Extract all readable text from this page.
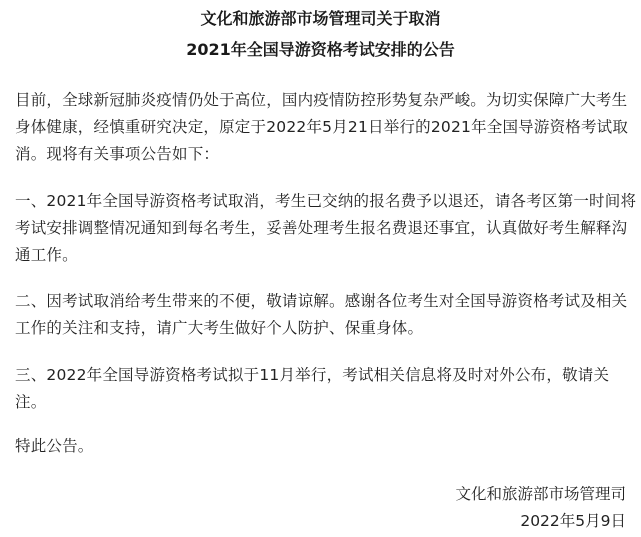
文化和旅游部市场管理司关于取消
2021年全国导游资格考试安排的公告
目前，全球新冠肺炎疫情仍处于高位，国内疫情防控形势复杂严峻。为切实保障广大考生
身体健康，经慎重研究决定，原定于2022年5月21日举行的2021年全国导游资格考试取
消。现将有关事项公告如下：
一、2021年全国导游资格考试取消，考生已交纳的报名费予以退还，请各考区第一时间将
考试安排调整情况通知到每名考生，妥善处理考生报名费退还事宜，认真做好考生解释沟
通工作。
二、因考试取消给考生带来的不便，敬请谅解。感谢各位考生对全国导游资格考试及相关
工作的关注和支持，请广大考生做好个人防护、保重身体。
三、2022年全国导游资格考试拟于11月举行，考试相关信息将及时对外公布，敬请关
注。
特此公告。
文化和旅游部市场管理司
2022年5月9日
